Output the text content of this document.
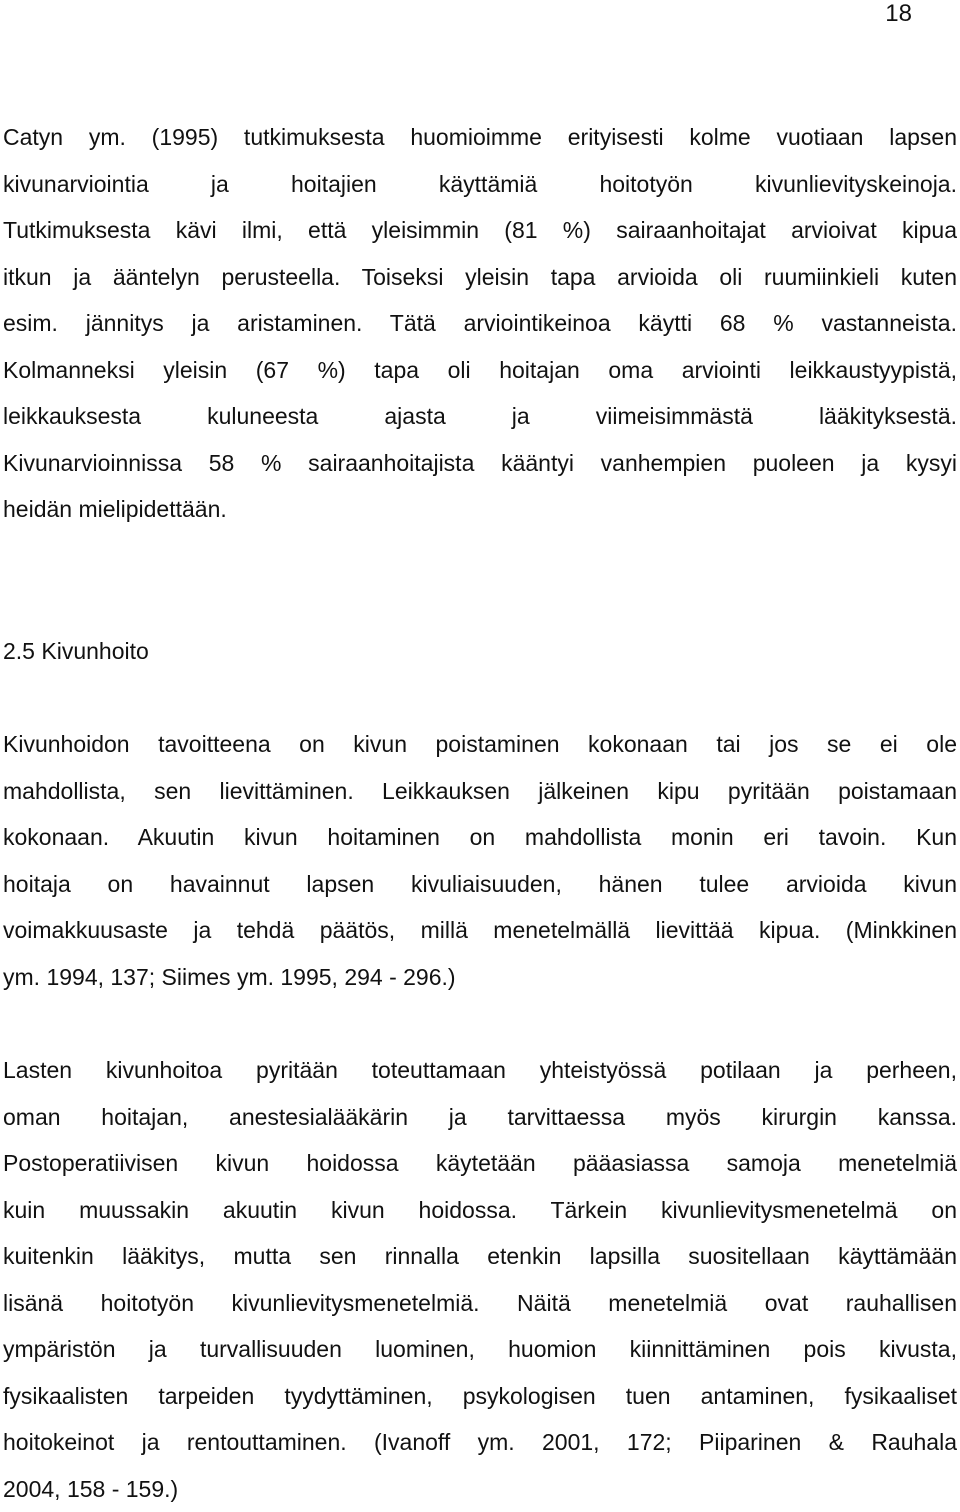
18

Catyn ym. (1995) tutkimuksesta huomioimme erityisesti kolme vuotiaan lapsen
kivunarviointia ja hoitajien käyttämiä hoitotyön kivunlievityskeinoja.
Tutkimuksesta kävi ilmi, että yleisimmin (81 %) sairaanhoitajat arvioivat kipua
itkun ja ääntelyn perusteella. Toiseksi yleisin tapa arvioida oli ruumiinkieli kuten
esim. jännitys ja aristaminen. Tätä arviointikeinoa käytti 68 % vastanneista.
Kolmanneksi yleisin (67 %) tapa oli hoitajan oma arviointi leikkaustyypistä,
leikkauksesta kuluneesta ajasta ja viimeisimmästä lääkityksestä.
Kivunarvioinnissa 58 % sairaanhoitajista kääntyi vanhempien puoleen ja kysyi
heidän mielipidettään.

2.5 Kivunhoito

Kivunhoidon tavoitteena on kivun poistaminen kokonaan tai jos se ei ole
mahdollista, sen lievittäminen. Leikkauksen jälkeinen kipu pyritään poistamaan
kokonaan. Akuutin kivun hoitaminen on mahdollista monin eri tavoin. Kun
hoitaja on havainnut lapsen kivuliaisuuden, hänen tulee arvioida kivun
voimakkuusaste ja tehdä päätös, millä menetelmällä lievittää kipua. (Minkkinen
ym. 1994, 137; Siimes ym. 1995, 294 - 296.)

Lasten kivunhoitoa pyritään toteuttamaan yhteistyössä potilaan ja perheen,
oman hoitajan, anestesialääkärin ja tarvittaessa myös kirurgin kanssa.
Postoperatiivisen kivun hoidossa käytetään pääasiassa samoja menetelmiä
kuin muussakin akuutin kivun hoidossa. Tärkein kivunlievitysmenetelmä on
kuitenkin lääkitys, mutta sen rinnalla etenkin lapsilla suositellaan käyttämään
lisänä hoitotyön kivunlievitysmenetelmiä. Näitä menetelmiä ovat rauhallisen
ympäristön ja turvallisuuden luominen, huomion kiinnittäminen pois kivusta,
fysikaalisten tarpeiden tyydyttäminen, psykologisen tuen antaminen, fysikaaliset
hoitokeinot ja rentouttaminen. (Ivanoff ym. 2001, 172; Piiparinen & Rauhala
2004, 158 - 159.)
